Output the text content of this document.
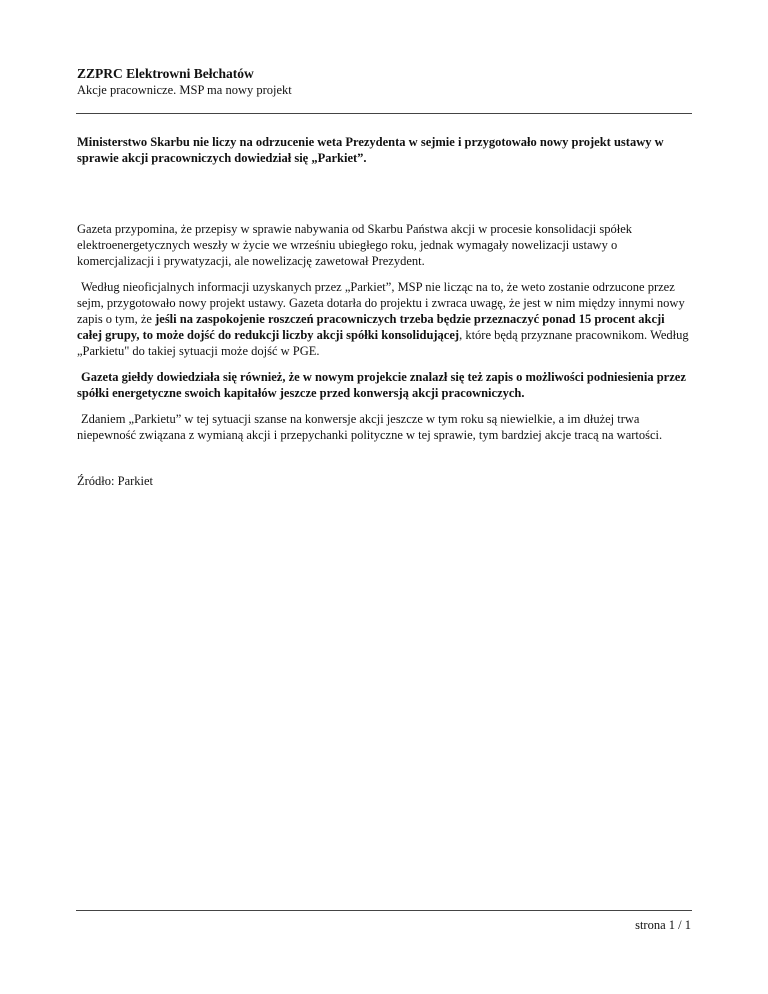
ZZPRC Elektrowni Bełchatów
Akcje pracownicze. MSP ma nowy projekt

Ministerstwo Skarbu nie liczy na odrzucenie weta Prezydenta w sejmie i przygotowało nowy projekt ustawy w sprawie akcji pracowniczych dowiedział się „Parkiet”.

Gazeta przypomina, że przepisy w sprawie nabywania od Skarbu Państwa akcji w procesie konsolidacji spółek elektroenergetycznych weszły w życie we wrześniu ubiegłego roku, jednak wymagały nowelizacji ustawy o komercjalizacji i prywatyzacji, ale nowelizację zawetował Prezydent.

Według nieoficjalnych informacji uzyskanych przez „Parkiet”, MSP nie licząc na to, że weto zostanie odrzucone przez sejm, przygotowało nowy projekt ustawy. Gazeta dotarła do projektu i zwraca uwagę, że jest w nim między innymi nowy zapis o tym, że jeśli na zaspokojenie roszczeń pracowniczych trzeba będzie przeznaczyć ponad 15 procent akcji całej grupy, to może dojść do redukcji liczby akcji spółki konsolidującej, które będą przyznane pracownikom. Według „Parkietu" do takiej sytuacji może dojść w PGE.

Gazeta giełdy dowiedziała się również, że w nowym projekcie znalazł się też zapis o możliwości podniesienia przez spółki energetyczne swoich kapitałów jeszcze przed konwersją akcji pracowniczych.

Zdaniem „Parkietu” w tej sytuacji szanse na konwersje akcji jeszcze w tym roku są niewielkie, a im dłużej trwa niepewność związana z wymianą akcji i przepychanki polityczne w tej sprawie, tym bardziej akcje tracą na wartości.

Źródło: Parkiet

strona 1 / 1
